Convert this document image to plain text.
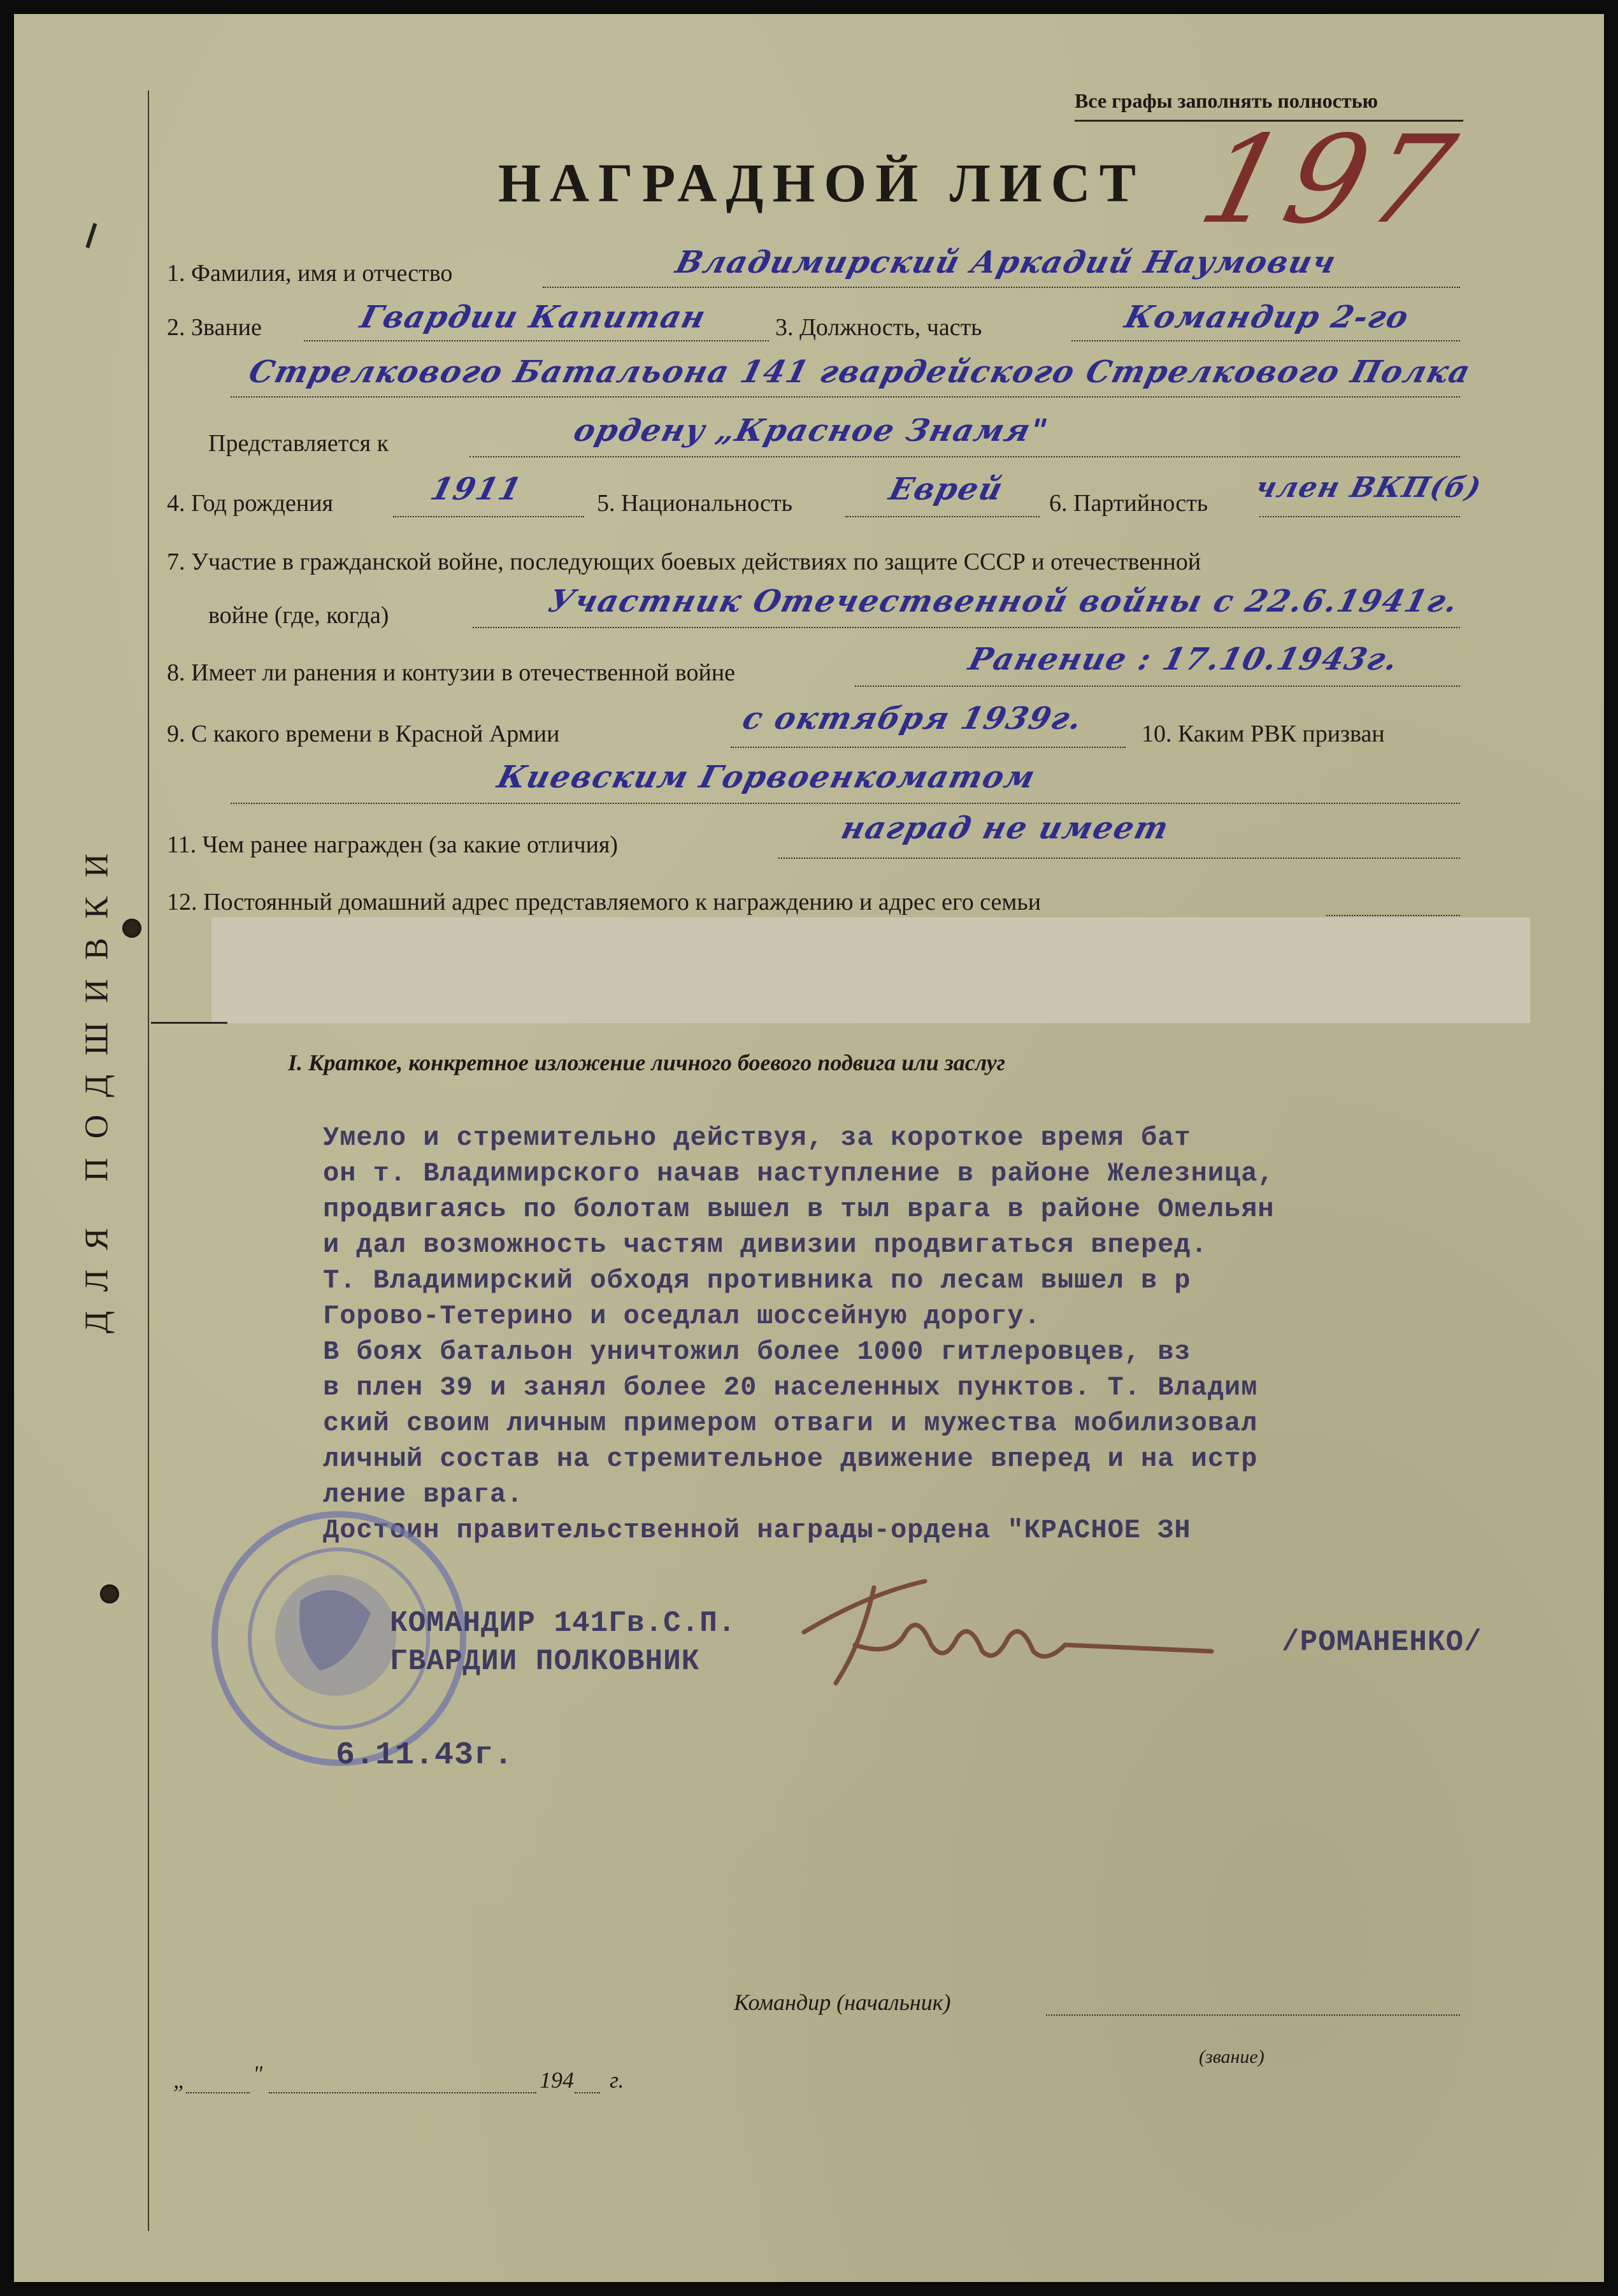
ДЛЯ ПОДШИВКИ
Все графы заполнять полностью
НАГРАДНОЙ ЛИСТ 197
1. Фамилия, имя и отчество	Владимирский Аркадий Наумович
2. Звание	Гвардии Капитан	3. Должность, часть	Командир 2-го
Стрелкового Батальона 141 гвардейского Стрелкового Полка
Представляется к	ордену „Красное Знамя"
4. Год рождения	1911	5. Национальность	Еврей 6. Партийность член ВКП(б)
7. Участие в гражданской войне, последующих боевых действиях по защите СССР и отечественной
войне (где, когда)	Участник Отечественной войны с 22.6.1941г.
8. Имеет ли ранения и контузии в отечественной войне	Ранение : 17.10.1943г.
9. С какого времени в Красной Армии	с октября 1939г. 10. Каким РВК призван
Киевским Горвоенкоматом
11. Чем ранее награжден (за какие отличия)	наград не имеет
12. Постоянный домашний адрес представляемого к награждению и адрес его семьи
I. Краткое, конкретное изложение личного боевого подвига или заслуг
Умело и стремительно действуя, за короткое время бат
он т. Владимирского начав наступление в районе Железница,
продвигаясь по болотам вышел в тыл врага в районе Омельян
и дал возможность частям дивизии продвигаться вперед.
Т. Владимирский обходя противника по лесам вышел в р
Горово-Тетерино и оседлал шоссейную дорогу.
В боях батальон уничтожил более 1000 гитлеровцев, вз
в плен 39 и занял более 20 населенных пунктов. Т. Владим
ский своим личным примером отваги и мужества мобилизовал
личный состав на стремительное движение вперед и на истр
ление врага.
Достоин правительственной награды-ордена "КРАСНОЕ ЗН
КОМАНДИР 141Гв.С.П.
ГВАРДИИ ПОЛКОВНИК
/РОМАНЕНКО/
6.11.43г.
Командир (начальник)
(звание)
„	"	194 г.
